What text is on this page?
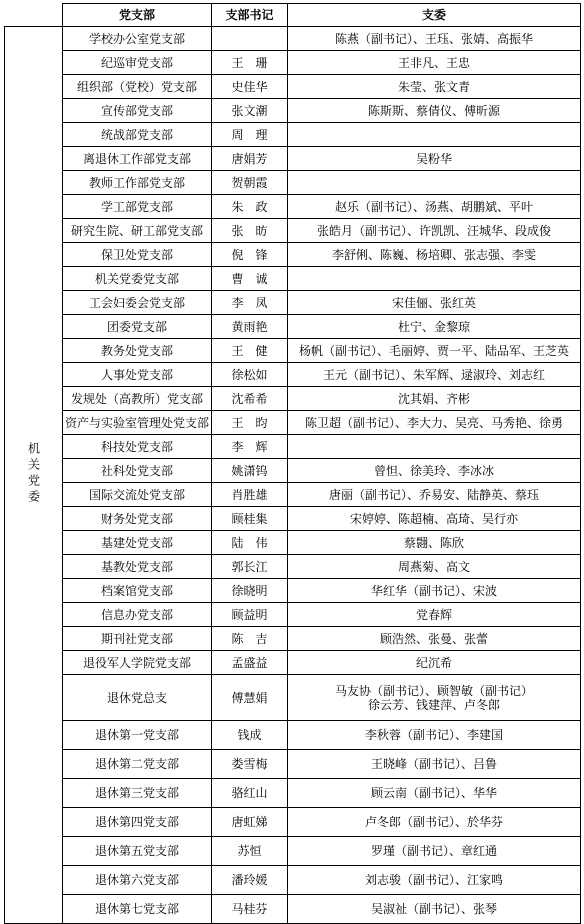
	党支部	支部书记	支委
机关党委	学校办公室党支部		陈燕（副书记）、王珏、张婧、高振华
	纪巡审党支部	王　珊	王非凡、王忠
	组织部（党校）党支部	史佳华	朱莹、张文青
	宣传部党支部	张文潮	陈斯斯、蔡倩仪、傅昕源
	统战部党支部	周　理	
	离退休工作部党支部	唐娟芳	吴粉华
	教师工作部党支部	贺朝霞	
	学工部党支部	朱　政	赵乐（副书记）、汤燕、胡鹏斌、平叶
	研究生院、研工部党支部	张　昉	张皓月（副书记）、许凯凯、汪城华、段成俊
	保卫处党支部	倪　锋	李舒俐、陈巍、杨培卿、张志强、李雯
	机关党委党支部	曹　诚	
	工会妇委会党支部	李　凤	宋佳俪、张红英
	团委党支部	黄雨艳	杜宁、金黎琼
	教务处党支部	王　健	杨帆（副书记）、毛丽婷、贾一平、陆品军、王芝英
	人事处党支部	徐松如	王元（副书记）、朱军辉、逯淑玲、刘志红
	发规处（高教所）党支部	沈希希	沈其娟、齐彬
	资产与实验室管理处党支部	王　昀	陈卫超（副书记）、李大力、吴亮、马秀艳、徐勇
	科技处党支部	李　辉	
	社科处党支部	姚潇钨	曾怛、徐美玲、李冰冰
	国际交流处党支部	肖胜雄	唐丽（副书记）、乔易安、陆静英、蔡珏
	财务处党支部	顾桂集	宋婷婷、陈超楠、高琦、吴行亦
	基建处党支部	陆　伟	蔡翾、陈欣
	基教处党支部	郭长江	周燕菊、高文
	档案馆党支部	徐晓明	华红华（副书记）、宋波
	信息办党支部	顾益明	党春辉
	期刊社党支部	陈　吉	顾浩然、张曼、张蕾
	退役军人学院党支部	孟盛益	纪沉希
	退休党总支	傅慧娟	马友协（副书记）、顾智敏（副书记）
徐云芳、钱建萍、卢冬郎
	退休第一党支部	钱成	李秋蓉（副书记）、李建国
	退休第二党支部	娄雪梅	王晓峰（副书记）、吕鲁
	退休第三党支部	骆红山	顾云南（副书记）、华华
	退休第四党支部	唐虹娣	卢冬郎（副书记）、於华芬
	退休第五党支部	苏恒	罗瑾（副书记）、章红通
	退休第六党支部	潘玲媛	刘志骏（副书记）、江家鸣
	退休第七党支部	马桂芬	吴淑祉（副书记）、张琴
